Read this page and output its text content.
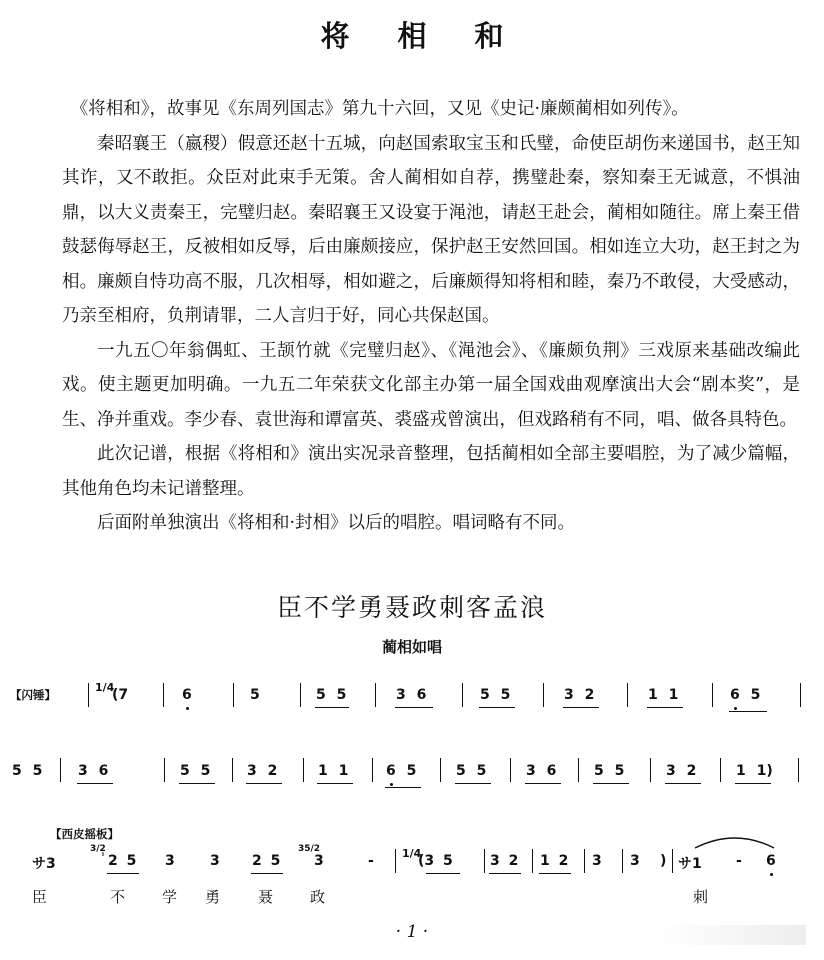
将相和

《将相和》，故事见《东周列国志》第九十六回，又见《史记·廉颇蔺相如列传》。

秦昭襄王（嬴稷）假意还赵十五城，向赵国索取宝玉和氏璧，命使臣胡伤来递国书，赵王知其诈，又不敢拒。众臣对此束手无策。舍人蔺相如自荐，携璧赴秦，察知秦王无诚意，不惧油鼎，以大义责秦王，完璧归赵。秦昭襄王又设宴于渑池，请赵王赴会，蔺相如随往。席上秦王借鼓瑟侮辱赵王，反被相如反辱，后由廉颇接应，保护赵王安然回国。相如连立大功，赵王封之为相。廉颇自恃功高不服，几次相辱，相如避之，后廉颇得知将相和睦，秦乃不敢侵，大受感动，乃亲至相府，负荆请罪，二人言归于好，同心共保赵国。

一九五〇年翁偶虹、王颉竹就《完璧归赵》、《渑池会》、《廉颇负荆》三戏原来基础改编此戏。使主题更加明确。一九五二年荣获文化部主办第一届全国戏曲观摩演出大会“剧本奖”，是生、净并重戏。李少春、袁世海和谭富英、裘盛戎曾演出，但戏路稍有不同，唱、做各具特色。

此次记谱，根据《将相和》演出实况录音整理，包括蔺相如全部主要唱腔，为了减少篇幅，其他角色均未记谱整理。

后面附单独演出《将相和·封相》以后的唱腔。唱词略有不同。

臣不学勇聂政刺客孟浪
蔺相如唱
【闪锤】
1/4
(7	6	5	5 5	3 6	5 5	3 2	1 1	6 5
5 5	3 6	5 5	3 2	1 1	6 5	5 5	3 6	5 5	3 2	1 1)
【西皮摇板】
サ3
3/2
2 5 3	3 2 5
35/2
3	-	1/4
(3 5	3 2 1 2 3 3 ) サ1 - 6
臣	不 学 勇	聂 政	刺
· 1 ·
